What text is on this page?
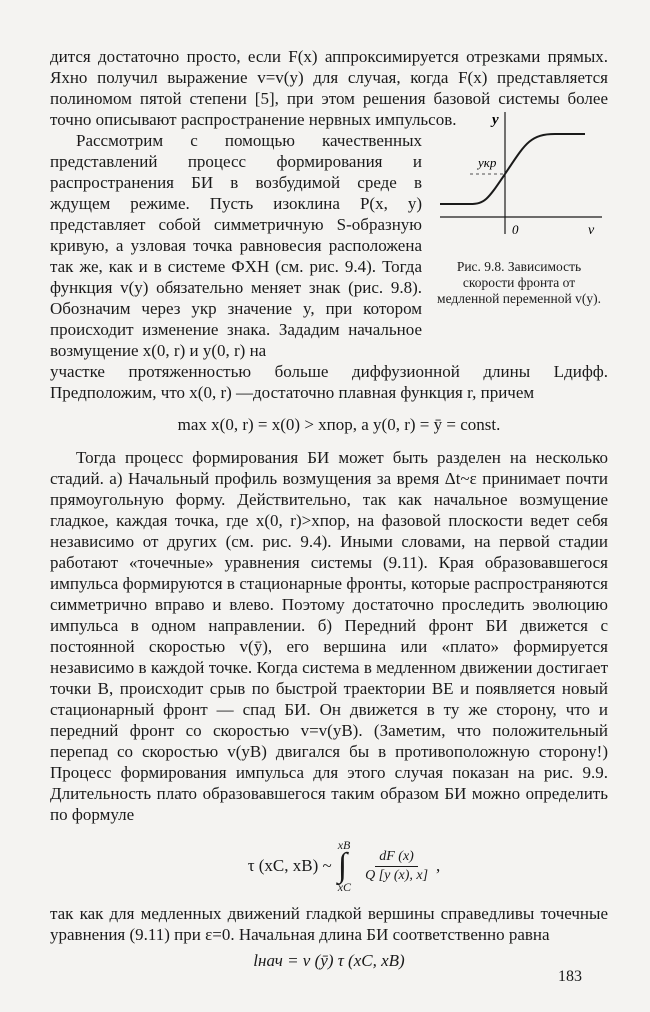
дится достаточно просто, если F(x) аппроксимируется отрезками прямых. Яхно получил выражение v=v(y) для случая, когда F(x) представляется полиномом пятой степени [5], при этом решения базовой системы более точно описывают распространение нервных импульсов.

Рассмотрим с помощью качественных представлений процесс формирования и распространения БИ в возбудимой среде в ждущем режиме. Пусть изоклина P(x, y) представляет собой симметричную S-образную кривую, а узловая точка равновесия расположена так же, как и в системе ФХН (см. рис. 9.4). Тогда функция v(y) обязательно меняет знак (рис. 9.8). Обозначим через yкр значение y, при котором происходит изменение знака. Зададим начальное возмущение x(0, r) и y(0, r) на

y
yкр
0	v

Рис. 9.8. Зависимость скорости фронта от медленной переменной v(y).

участке протяженностью больше диффузионной длины Lдифф. Предположим, что x(0, r) —достаточно плавная функция r, причем

max x(0, r) = x(0) > xпор, а y(0, r) = ȳ = const.

Тогда процесс формирования БИ может быть разделен на несколько стадий. а) Начальный профиль возмущения за время Δt~ε принимает почти прямоугольную форму. Действительно, так как начальное возмущение гладкое, каждая точка, где x(0, r)>xпор, на фазовой плоскости ведет себя независимо от других (см. рис. 9.4). Иными словами, на первой стадии работают «точечные» уравнения системы (9.11). Края образовавшегося импульса формируются в стационарные фронты, которые распространяются симметрично вправо и влево. Поэтому достаточно проследить эволюцию импульса в одном направлении. б) Передний фронт БИ движется с постоянной скоростью v(ȳ), его вершина или «плато» формируется независимо в каждой точке. Когда система в медленном движении достигает точки B, происходит срыв по быстрой траектории BE и появляется новый стационарный фронт — спад БИ. Он движется в ту же сторону, что и передний фронт со скоростью v=v(yB). (Заметим, что положительный перепад со скоростью v(yB) двигался бы в противоположную сторону!) Процесс формирования импульса для этого случая показан на рис. 9.9. Длительность плато образовавшегося таким образом БИ можно определить по формуле

τ (xC, xB) ~
xB
∫
xC
$\frac{dF (x)}{Q [y (x), x]}$ ,

так как для медленных движений гладкой вершины справедливы точечные уравнения (9.11) при ε=0. Начальная длина БИ соответственно равна

lнач = v (ȳ) τ (xC, xB)
183
